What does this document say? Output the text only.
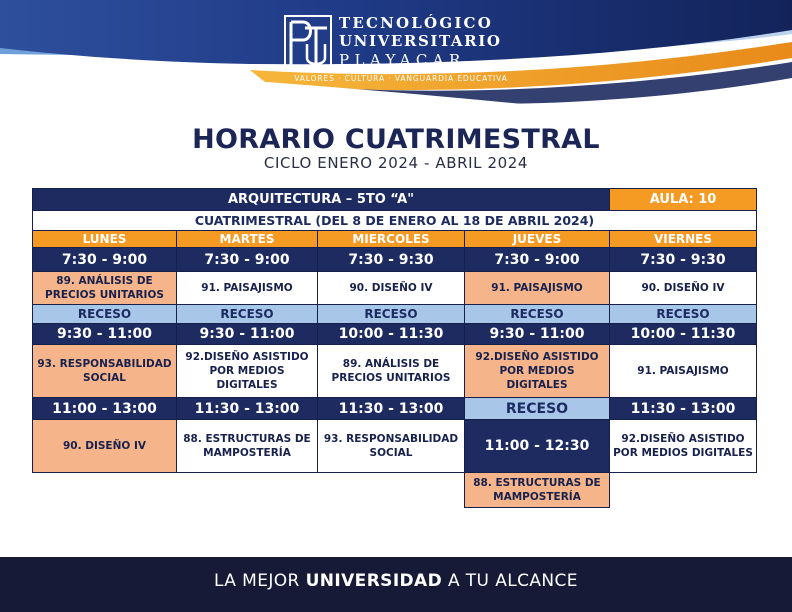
TECNOLÓGICO
UNIVERSITARIO
PLAYACAR
VALORES · CULTURA · VANGUARDIA EDUCATIVA
HORARIO CUATRIMESTRAL
CICLO ENERO 2024 - ABRIL 2024
ARQUITECTURA – 5TO “A"				AULA: 10
CUATRIMESTRAL (DEL 8 DE ENERO AL 18 DE ABRIL 2024)				
LUNES	MARTES	MIERCOLES	JUEVES	VIERNES
7:30 - 9:00	7:30 - 9:00	7:30 - 9:30	7:30 - 9:00	7:30 - 9:30
89. ANÁLISIS DE PRECIOS UNITARIOS	91. PAISAJISMO	90. DISEÑO IV	91. PAISAJISMO	90. DISEÑO IV
RECESO	RECESO	RECESO	RECESO	RECESO
9:30 - 11:00	9:30 - 11:00	10:00 - 11:30	9:30 - 11:00	10:00 - 11:30
93. RESPONSABILIDAD SOCIAL	92.DISEÑO ASISTIDO POR MEDIOS DIGITALES	89. ANÁLISIS DE PRECIOS UNITARIOS	92.DISEÑO ASISTIDO POR MEDIOS DIGITALES	91. PAISAJISMO
11:00 - 13:00	11:30 - 13:00	11:30 - 13:00	RECESO	11:30 - 13:00
90. DISEÑO IV	88. ESTRUCTURAS DE MAMPOSTERÍA	93. RESPONSABILIDAD SOCIAL	11:00 - 12:30	92.DISEÑO ASISTIDO POR MEDIOS DIGITALES
			88. ESTRUCTURAS DE MAMPOSTERÍA	
LA MEJOR UNIVERSIDAD A TU ALCANCE
